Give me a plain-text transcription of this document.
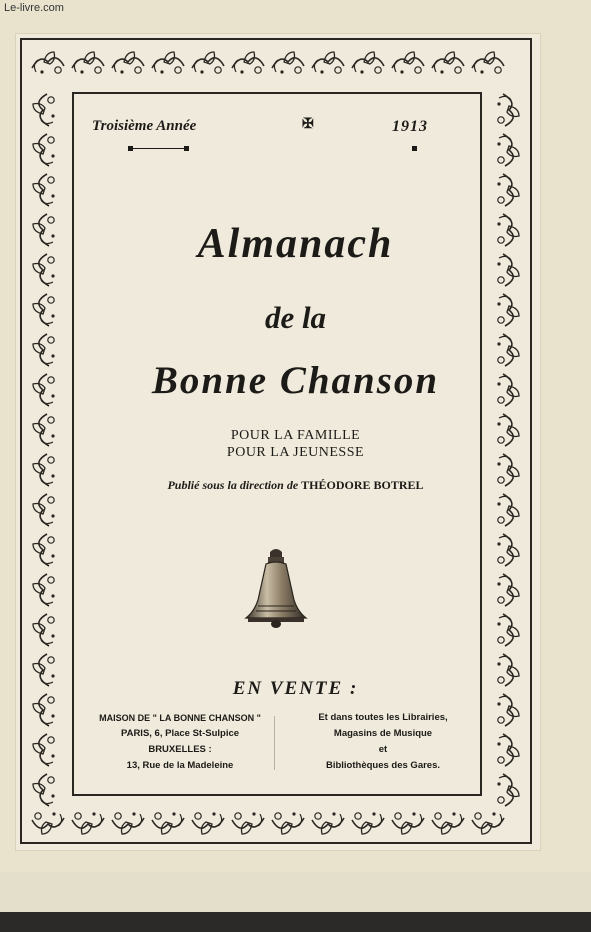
Le-livre.com
Troisième Année	✠	1913
Almanach
de la
Bonne Chanson
POUR LA FAMILLE
POUR LA JEUNESSE
Publié sous la direction de THÉODORE BOTREL
EN VENTE :
MAISON DE " LA BONNE CHANSON "
PARIS, 6, Place St-Sulpice
BRUXELLES :
13, Rue de la Madeleine
Et dans toutes les Librairies,
Magasins de Musique
et
Bibliothèques des Gares.
